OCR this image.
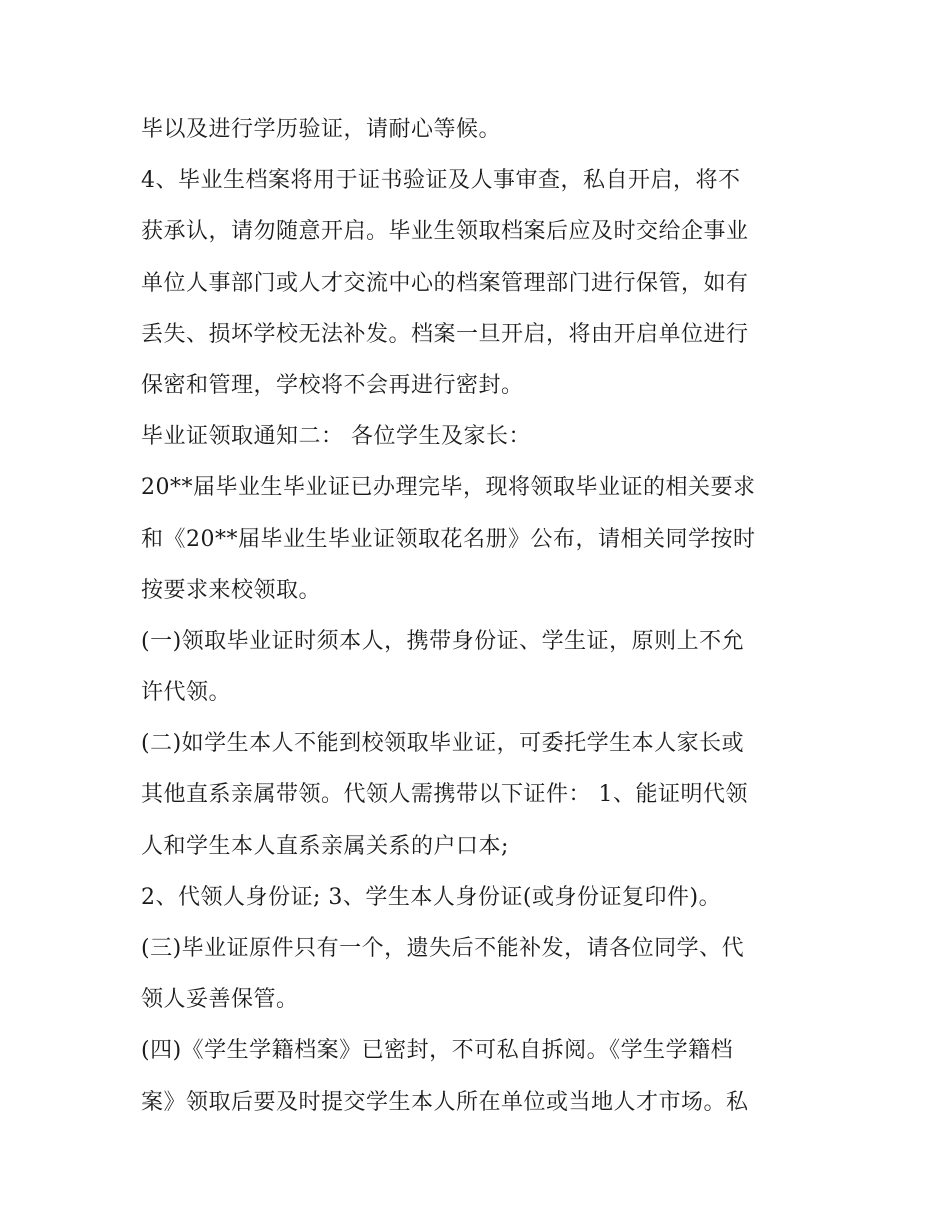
毕以及进行学历验证，请耐心等候。
4、毕业生档案将用于证书验证及人事审查，私自开启，将不
获承认，请勿随意开启。毕业生领取档案后应及时交给企事业
单位人事部门或人才交流中心的档案管理部门进行保管，如有
丢失、损坏学校无法补发。档案一旦开启，将由开启单位进行
保密和管理，学校将不会再进行密封。
毕业证领取通知二： 各位学生及家长：
20**届毕业生毕业证已办理完毕，现将领取毕业证的相关要求
和《20**届毕业生毕业证领取花名册》公布，请相关同学按时
按要求来校领取。
(一)领取毕业证时须本人，携带身份证、学生证，原则上不允
许代领。
(二)如学生本人不能到校领取毕业证，可委托学生本人家长或
其他直系亲属带领。代领人需携带以下证件： 1、能证明代领
人和学生本人直系亲属关系的户口本;
2、代领人身份证; 3、学生本人身份证(或身份证复印件)。
(三)毕业证原件只有一个，遗失后不能补发，请各位同学、代
领人妥善保管。
(四)《学生学籍档案》已密封，不可私自拆阅。《学生学籍档
案》领取后要及时提交学生本人所在单位或当地人才市场。私
